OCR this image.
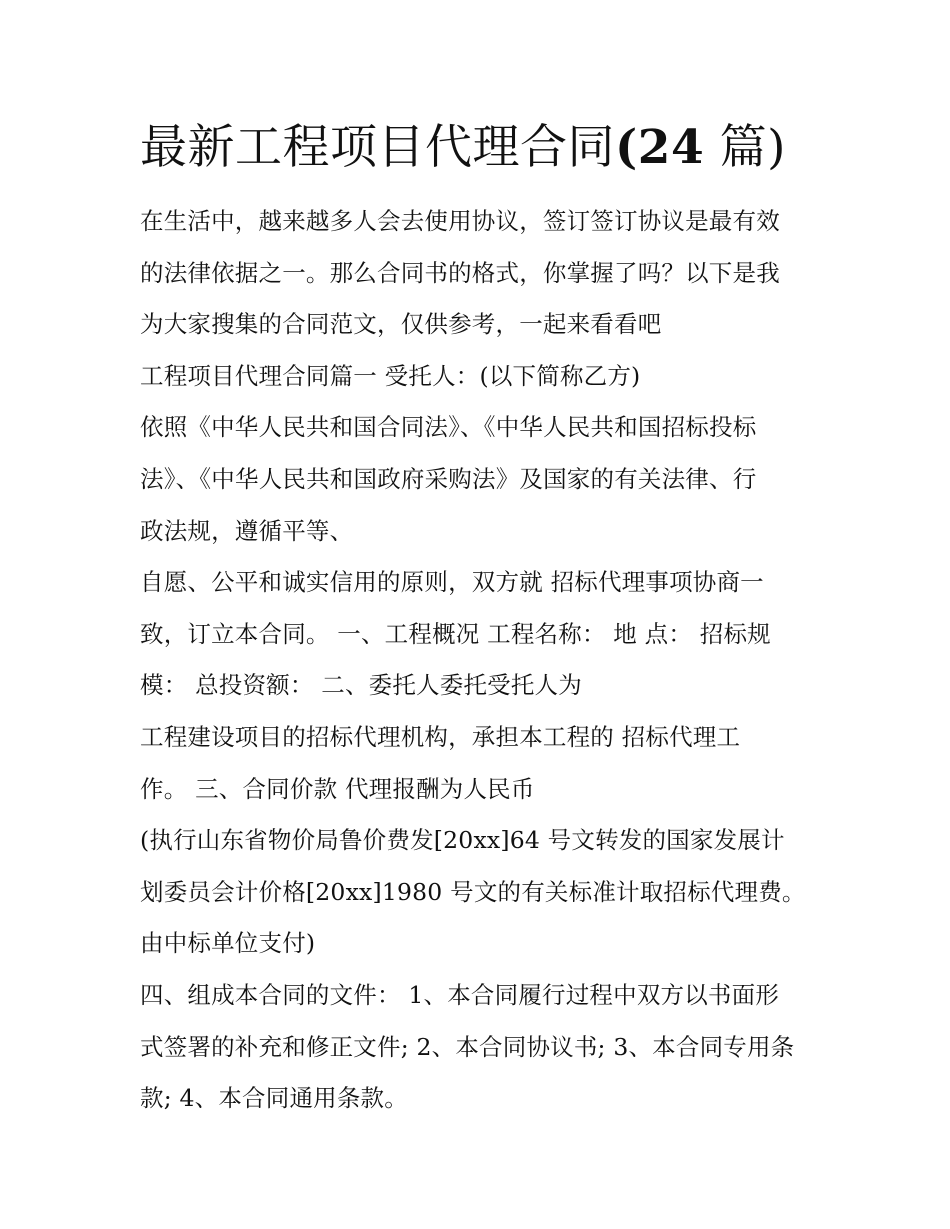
最新工程项目代理合同(24 篇)
在生活中，越来越多人会去使用协议，签订签订协议是最有效
的法律依据之一。那么合同书的格式，你掌握了吗？以下是我
为大家搜集的合同范文，仅供参考，一起来看看吧
工程项目代理合同篇一 受托人：(以下简称乙方)
依照《中华人民共和国合同法》、《中华人民共和国招标投标
法》、《中华人民共和国政府采购法》及国家的有关法律、行
政法规，遵循平等、
自愿、公平和诚实信用的原则，双方就 招标代理事项协商一
致，订立本合同。 一、工程概况 工程名称： 地 点： 招标规
模： 总投资额： 二、委托人委托受托人为
工程建设项目的招标代理机构，承担本工程的 招标代理工
作。 三、合同价款 代理报酬为人民币
(执行山东省物价局鲁价费发[20xx]64 号文转发的国家发展计
划委员会计价格[20xx]1980 号文的有关标准计取招标代理费。
由中标单位支付)
四、组成本合同的文件： 1、本合同履行过程中双方以书面形
式签署的补充和修正文件; 2、本合同协议书; 3、本合同专用条
款; 4、本合同通用条款。
